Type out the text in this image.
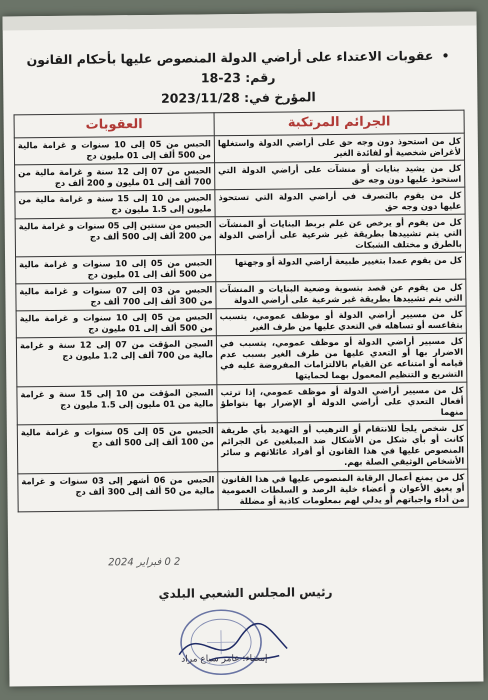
• عقوبات الاعتداء على أراضي الدولة المنصوص عليها بأحكام القانون رقم: 23-18
المؤرخ في: 2023/11/28
الجرائم المرتكبة	العقوبات
كل من استحوذ دون وجه حق على أراضي الدولة واستغلها لأغراض شخصية أو لفائدة الغير	الحبس من 05 إلى 10 سنوات و غرامة مالية من 500 ألف إلى 01 مليون دج
كل من يشيد بنايات أو منشآت على أراضي الدولة التي استحوذ عليها دون وجه حق	الحبس من 07 إلى 12 سنة و غرامة مالية من 700 ألف إلى 01 مليون و 200 ألف دج
كل من يقوم بالتصرف في أراضي الدولة التي تستحوذ عليها دون وجه حق	الحبس من 10 إلى 15 سنة و غرامة مالية من مليون إلى 1.5 مليون دج
كل من يقوم أو يرخص عن علم بربط البنايات أو المنشآت التي يتم تشييدها بطريقة غير شرعية على أراضي الدولة بالطرق و مختلف الشبكات	الحبس من سنتين إلى 05 سنوات و غرامة مالية من 200 ألف إلى 500 ألف دج
كل من يقوم عمدا بتغيير طبيعة أراضي الدولة أو وجهتها	الحبس من 05 إلى 10 سنوات و غرامة مالية من 500 ألف إلى 01 مليون دج
كل من يقوم عن قصد بتسوية وضعية البنايات و المنشآت التي يتم تشييدها بطريقة غير شرعية على أراضي الدولة	الحبس من 03 إلى 07 سنوات و غرامة مالية من 300 ألف إلى 700 ألف دج
كل من مسيير أراضي الدولة أو موظف عمومي، يتسبب بتقاعسه أو تساهله في التعدي عليها من طرف الغير	الحبس من 05 إلى 10 سنوات و غرامة مالية من 500 ألف إلى 01 مليون دج
كل مسيير أراضي الدولة أو موظف عمومي، يتسبب في الاضرار بها أو التعدي عليها من طرف الغير بسبب عدم قيامه أو امتناعه عن القيام بالالتزامات المفروضة عليه في التشريع و التنظيم المعمول بهما لحمايتها	السجن المؤقت من 07 إلى 12 سنة و غرامة مالية من 700 ألف إلى 1.2 مليون دج
كل من مسيير أراضي الدولة أو موظف عمومي، إذا ترتب أفعال التعدي على أراضي الدولة أو الإضرار بها بتواطؤ منهما	السجن المؤقت من 10 إلى 15 سنة و غرامة مالية من 01 مليون إلى 1.5 مليون دج
كل شخص يلجأ للانتقام أو الترهيب أو التهديد بأي طريقة كانت أو بأي شكل من الأشكال ضد المبلغين عن الجرائم المنصوص عليها في هذا القانون أو أفراد عائلاتهم و سائر الأشخاص الوثيقي الصلة بهم.	الحبس من 05 إلى 05 سنوات و غرامة مالية من 100 ألف إلى 500 ألف دج
كل من يمنع أعمال الرقابة المنصوص عليها في هذا القانون أو يعيق الأعوان و أعضاء خلية الرصد و السلطات العمومية من أداء واجباتهم أو يدلي لهم بمعلومات كاذبة أو مضللة	الحبس من 06 أشهر إلى 03 سنوات و غرامة مالية من 50 ألف إلى 300 ألف دج
2 0 فبراير 2024
رئيس المجلس الشعبي البلدي
إمضاء: عامر سباع مراد
